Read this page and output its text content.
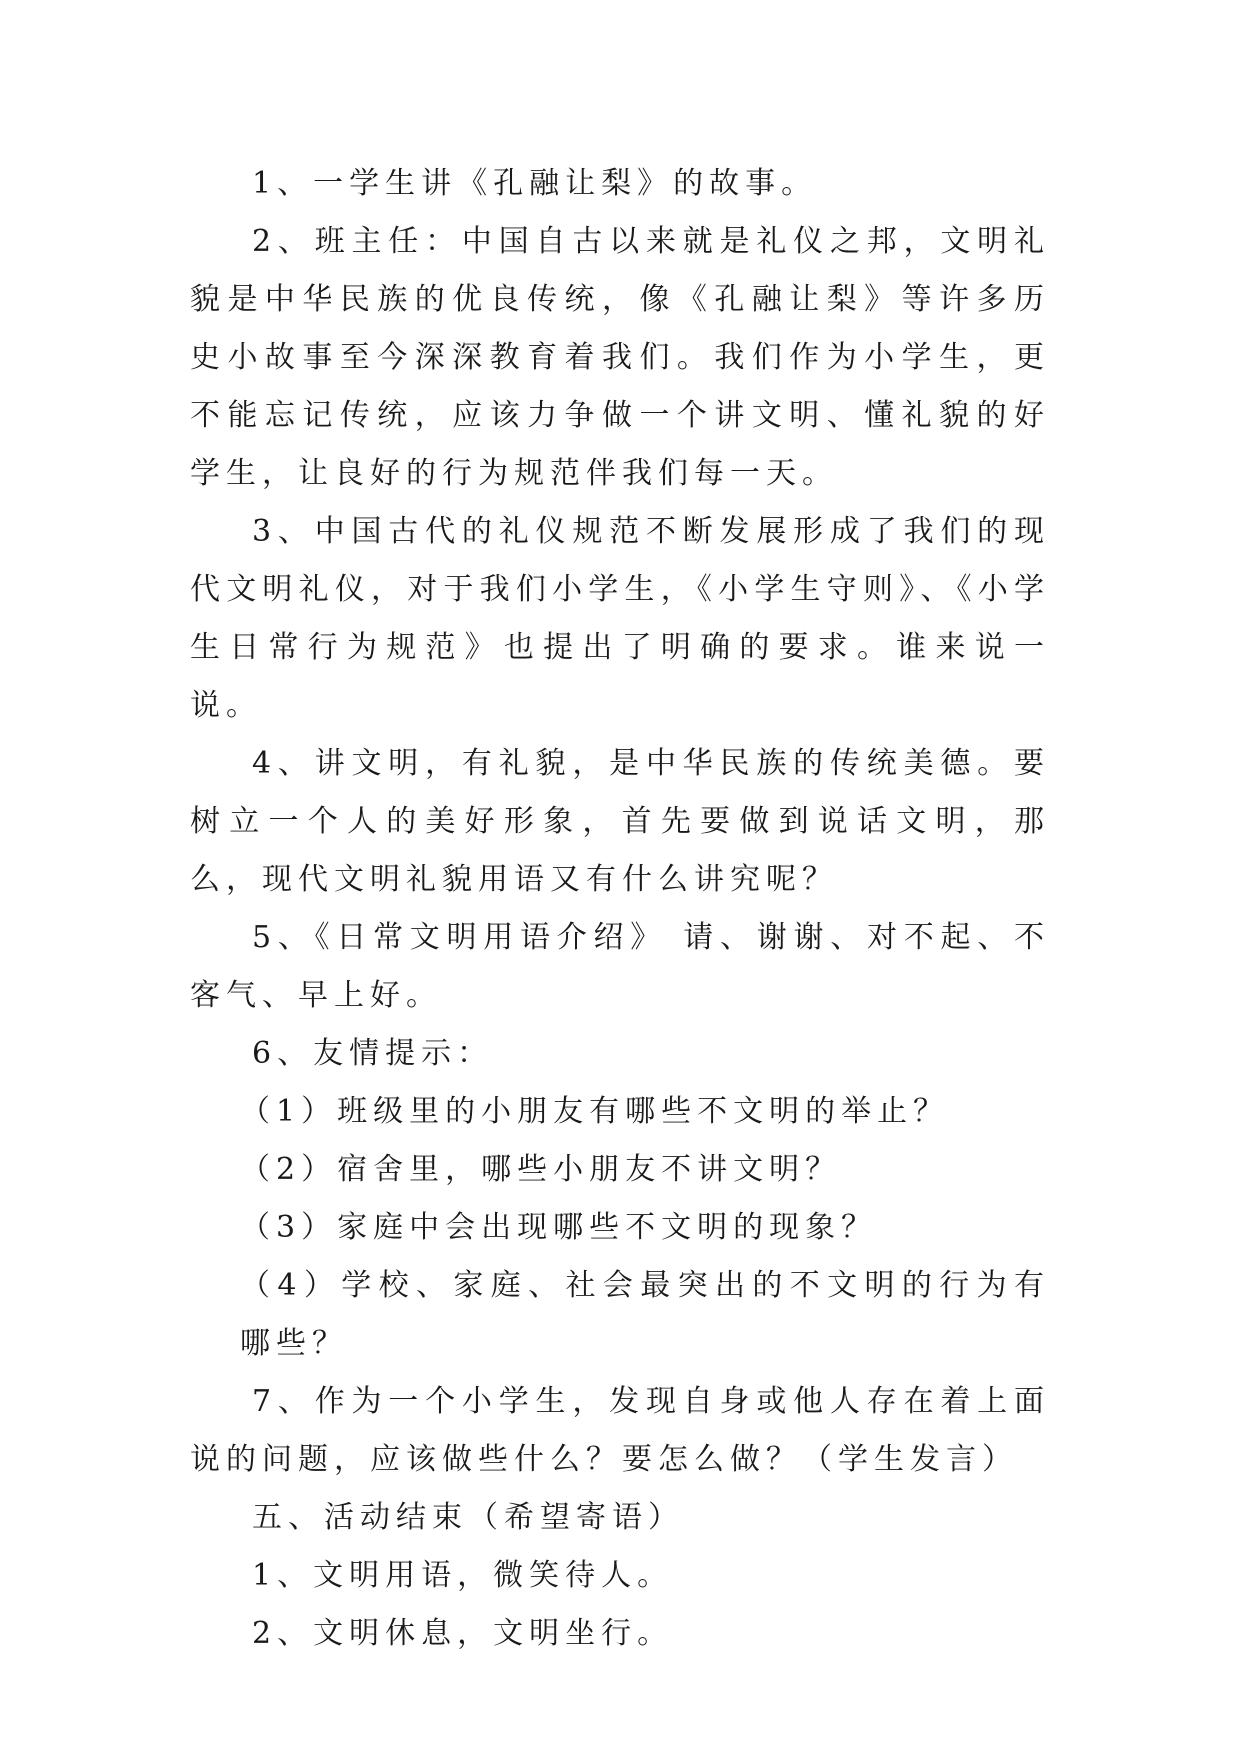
1、一学生讲《孔融让梨》的故事。

2、班主任：中国自古以来就是礼仪之邦，文明礼貌是中华民族的优良传统，像《孔融让梨》等许多历史小故事至今深深教育着我们。我们作为小学生，更不能忘记传统，应该力争做一个讲文明、懂礼貌的好学生，让良好的行为规范伴我们每一天。

3、中国古代的礼仪规范不断发展形成了我们的现代文明礼仪，对于我们小学生，《小学生守则》、《小学生日常行为规范》也提出了明确的要求。谁来说一说。

4、讲文明，有礼貌，是中华民族的传统美德。要树立一个人的美好形象，首先要做到说话文明，那么，现代文明礼貌用语又有什么讲究呢？

5、《日常文明用语介绍》 请、谢谢、对不起、不客气、早上好。

6、友情提示：

（1）班级里的小朋友有哪些不文明的举止？

（2）宿舍里，哪些小朋友不讲文明？

（3）家庭中会出现哪些不文明的现象？

（4）学校、家庭、社会最突出的不文明的行为有哪些？

7、作为一个小学生，发现自身或他人存在着上面说的问题，应该做些什么？要怎么做？（学生发言）

五、活动结束（希望寄语）

1、文明用语，微笑待人。

2、文明休息，文明坐行。
